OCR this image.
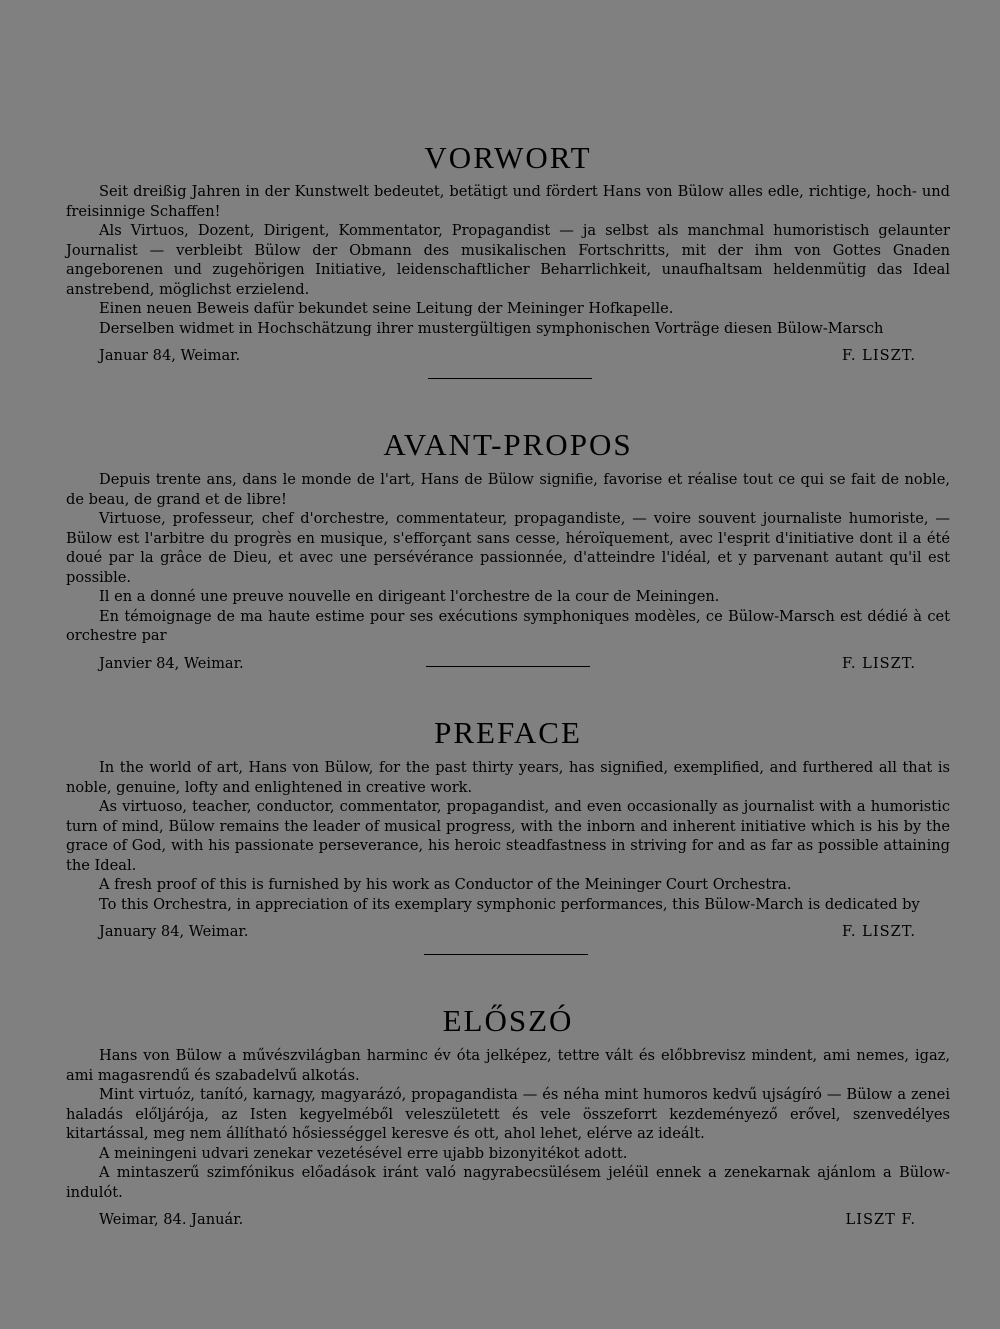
VORWORT

Seit dreißig Jahren in der Kunstwelt bedeutet, betätigt und fördert Hans von Bülow alles edle, richtige, hoch- und freisinnige Schaffen!

Als Virtuos, Dozent, Dirigent, Kommentator, Propagandist — ja selbst als manchmal humoristisch gelaunter Journalist — verbleibt Bülow der Obmann des musikalischen Fortschritts, mit der ihm von Gottes Gnaden angeborenen und zugehörigen Initiative, leidenschaftlicher Beharrlichkeit, unaufhaltsam heldenmütig das Ideal anstrebend, möglichst erzielend.

Einen neuen Beweis dafür bekundet seine Leitung der Meininger Hofkapelle.

Derselben widmet in Hochschätzung ihrer mustergültigen symphonischen Vorträge diesen Bülow-Marsch

Januar 84, Weimar.	F. LISZT.
AVANT-PROPOS

Depuis trente ans, dans le monde de l'art, Hans de Bülow signifie, favorise et réalise tout ce qui se fait de noble, de beau, de grand et de libre!

Virtuose, professeur, chef d'orchestre, commentateur, propagandiste, — voire souvent journaliste humoriste, — Bülow est l'arbitre du progrès en musique, s'efforçant sans cesse, héroïquement, avec l'esprit d'initiative dont il a été doué par la grâce de Dieu, et avec une persévérance passionnée, d'atteindre l'idéal, et y parvenant autant qu'il est possible.

Il en a donné une preuve nouvelle en dirigeant l'orchestre de la cour de Meiningen.

En témoignage de ma haute estime pour ses exécutions symphoniques modèles, ce Bülow-Marsch est dédié à cet orchestre par

Janvier 84, Weimar.	F. LISZT.
PREFACE

In the world of art, Hans von Bülow, for the past thirty years, has signified, exemplified, and furthered all that is noble, genuine, lofty and enlightened in creative work.

As virtuoso, teacher, conductor, commentator, propagandist, and even occasionally as journalist with a humoristic turn of mind, Bülow remains the leader of musical progress, with the inborn and inherent initiative which is his by the grace of God, with his passionate perseverance, his heroic steadfastness in striving for and as far as possible attaining the Ideal.

A fresh proof of this is furnished by his work as Conductor of the Meininger Court Orchestra.

To this Orchestra, in appreciation of its exemplary symphonic performances, this Bülow-March is dedicated by

January 84, Weimar.	F. LISZT.
ELŐSZÓ

Hans von Bülow a művészvilágban harminc év óta jelképez, tettre vált és előbbrevisz mindent, ami nemes, igaz, ami magasrendű és szabadelvű alkotás.

Mint virtuóz, tanító, karnagy, magyarázó, propagandista — és néha mint humoros kedvű ujságíró — Bülow a zenei haladás előljárója, az Isten kegyelméből veleszületett és vele összeforrt kezdeményező erővel, szenvedélyes kitartással, meg nem állítható hősiességgel keresve és ott, ahol lehet, elérve az ideált.

A meiningeni udvari zenekar vezetésével erre ujabb bizonyitékot adott.

A mintaszerű szimfónikus előadások iránt való nagyrabecsülésem jeléül ennek a zenekarnak ajánlom a Bülow-indulót.

Weimar, 84. Január.	LISZT F.
